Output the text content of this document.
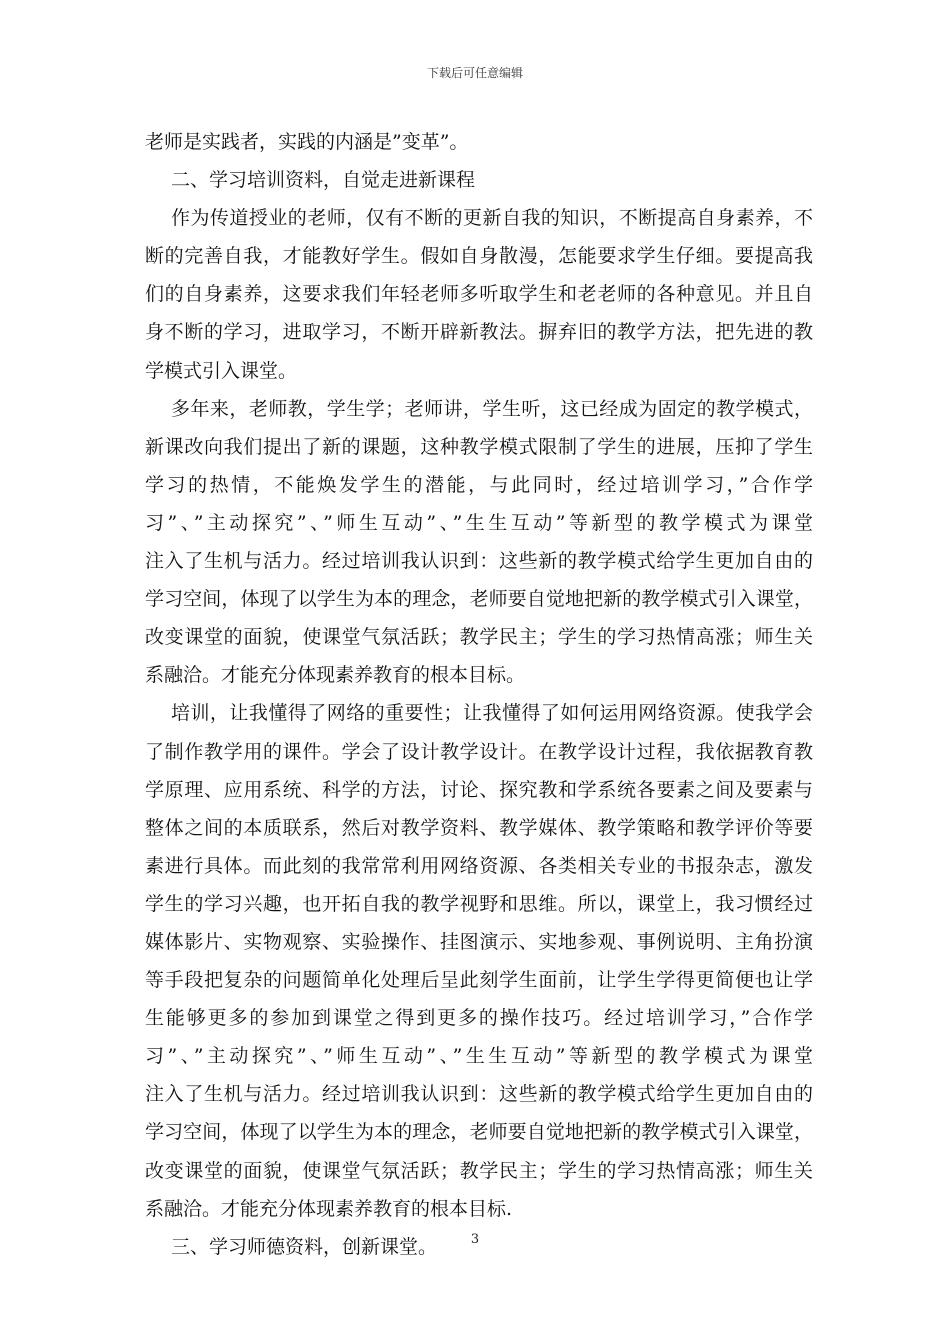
下载后可任意编辑
老师是实践者，实践的内涵是”变革”。
二、学习培训资料，自觉走进新课程
作为传道授业的老师，仅有不断的更新自我的知识，不断提高自身素养，不
断的完善自我，才能教好学生。假如自身散漫，怎能要求学生仔细。要提高我
们的自身素养，这要求我们年轻老师多听取学生和老老师的各种意见。并且自
身不断的学习，进取学习，不断开辟新教法。摒弃旧的教学方法，把先进的教
学模式引入课堂。
多年来，老师教，学生学；老师讲，学生听，这已经成为固定的教学模式，
新课改向我们提出了新的课题，这种教学模式限制了学生的进展，压抑了学生
学习的热情，不能焕发学生的潜能，与此同时，经过培训学习，”合作学
习”、”主动探究”、”师生互动”、”生生互动”等新型的教学模式为课堂
注入了生机与活力。经过培训我认识到：这些新的教学模式给学生更加自由的
学习空间，体现了以学生为本的理念，老师要自觉地把新的教学模式引入课堂，
改变课堂的面貌，使课堂气氛活跃；教学民主；学生的学习热情高涨；师生关
系融洽。才能充分体现素养教育的根本目标。
培训，让我懂得了网络的重要性；让我懂得了如何运用网络资源。使我学会
了制作教学用的课件。学会了设计教学设计。在教学设计过程，我依据教育教
学原理、应用系统、科学的方法，讨论、探究教和学系统各要素之间及要素与
整体之间的本质联系，然后对教学资料、教学媒体、教学策略和教学评价等要
素进行具体。而此刻的我常常利用网络资源、各类相关专业的书报杂志，激发
学生的学习兴趣，也开拓自我的教学视野和思维。所以，课堂上，我习惯经过
媒体影片、实物观察、实验操作、挂图演示、实地参观、事例说明、主角扮演
等手段把复杂的问题简单化处理后呈此刻学生面前，让学生学得更简便也让学
生能够更多的参加到课堂之得到更多的操作技巧。经过培训学习，”合作学
习”、”主动探究”、”师生互动”、”生生互动”等新型的教学模式为课堂
注入了生机与活力。经过培训我认识到：这些新的教学模式给学生更加自由的
学习空间，体现了以学生为本的理念，老师要自觉地把新的教学模式引入课堂，
改变课堂的面貌，使课堂气氛活跃；教学民主；学生的学习热情高涨；师生关
系融洽。才能充分体现素养教育的根本目标.
三、学习师德资料，创新课堂。	3
